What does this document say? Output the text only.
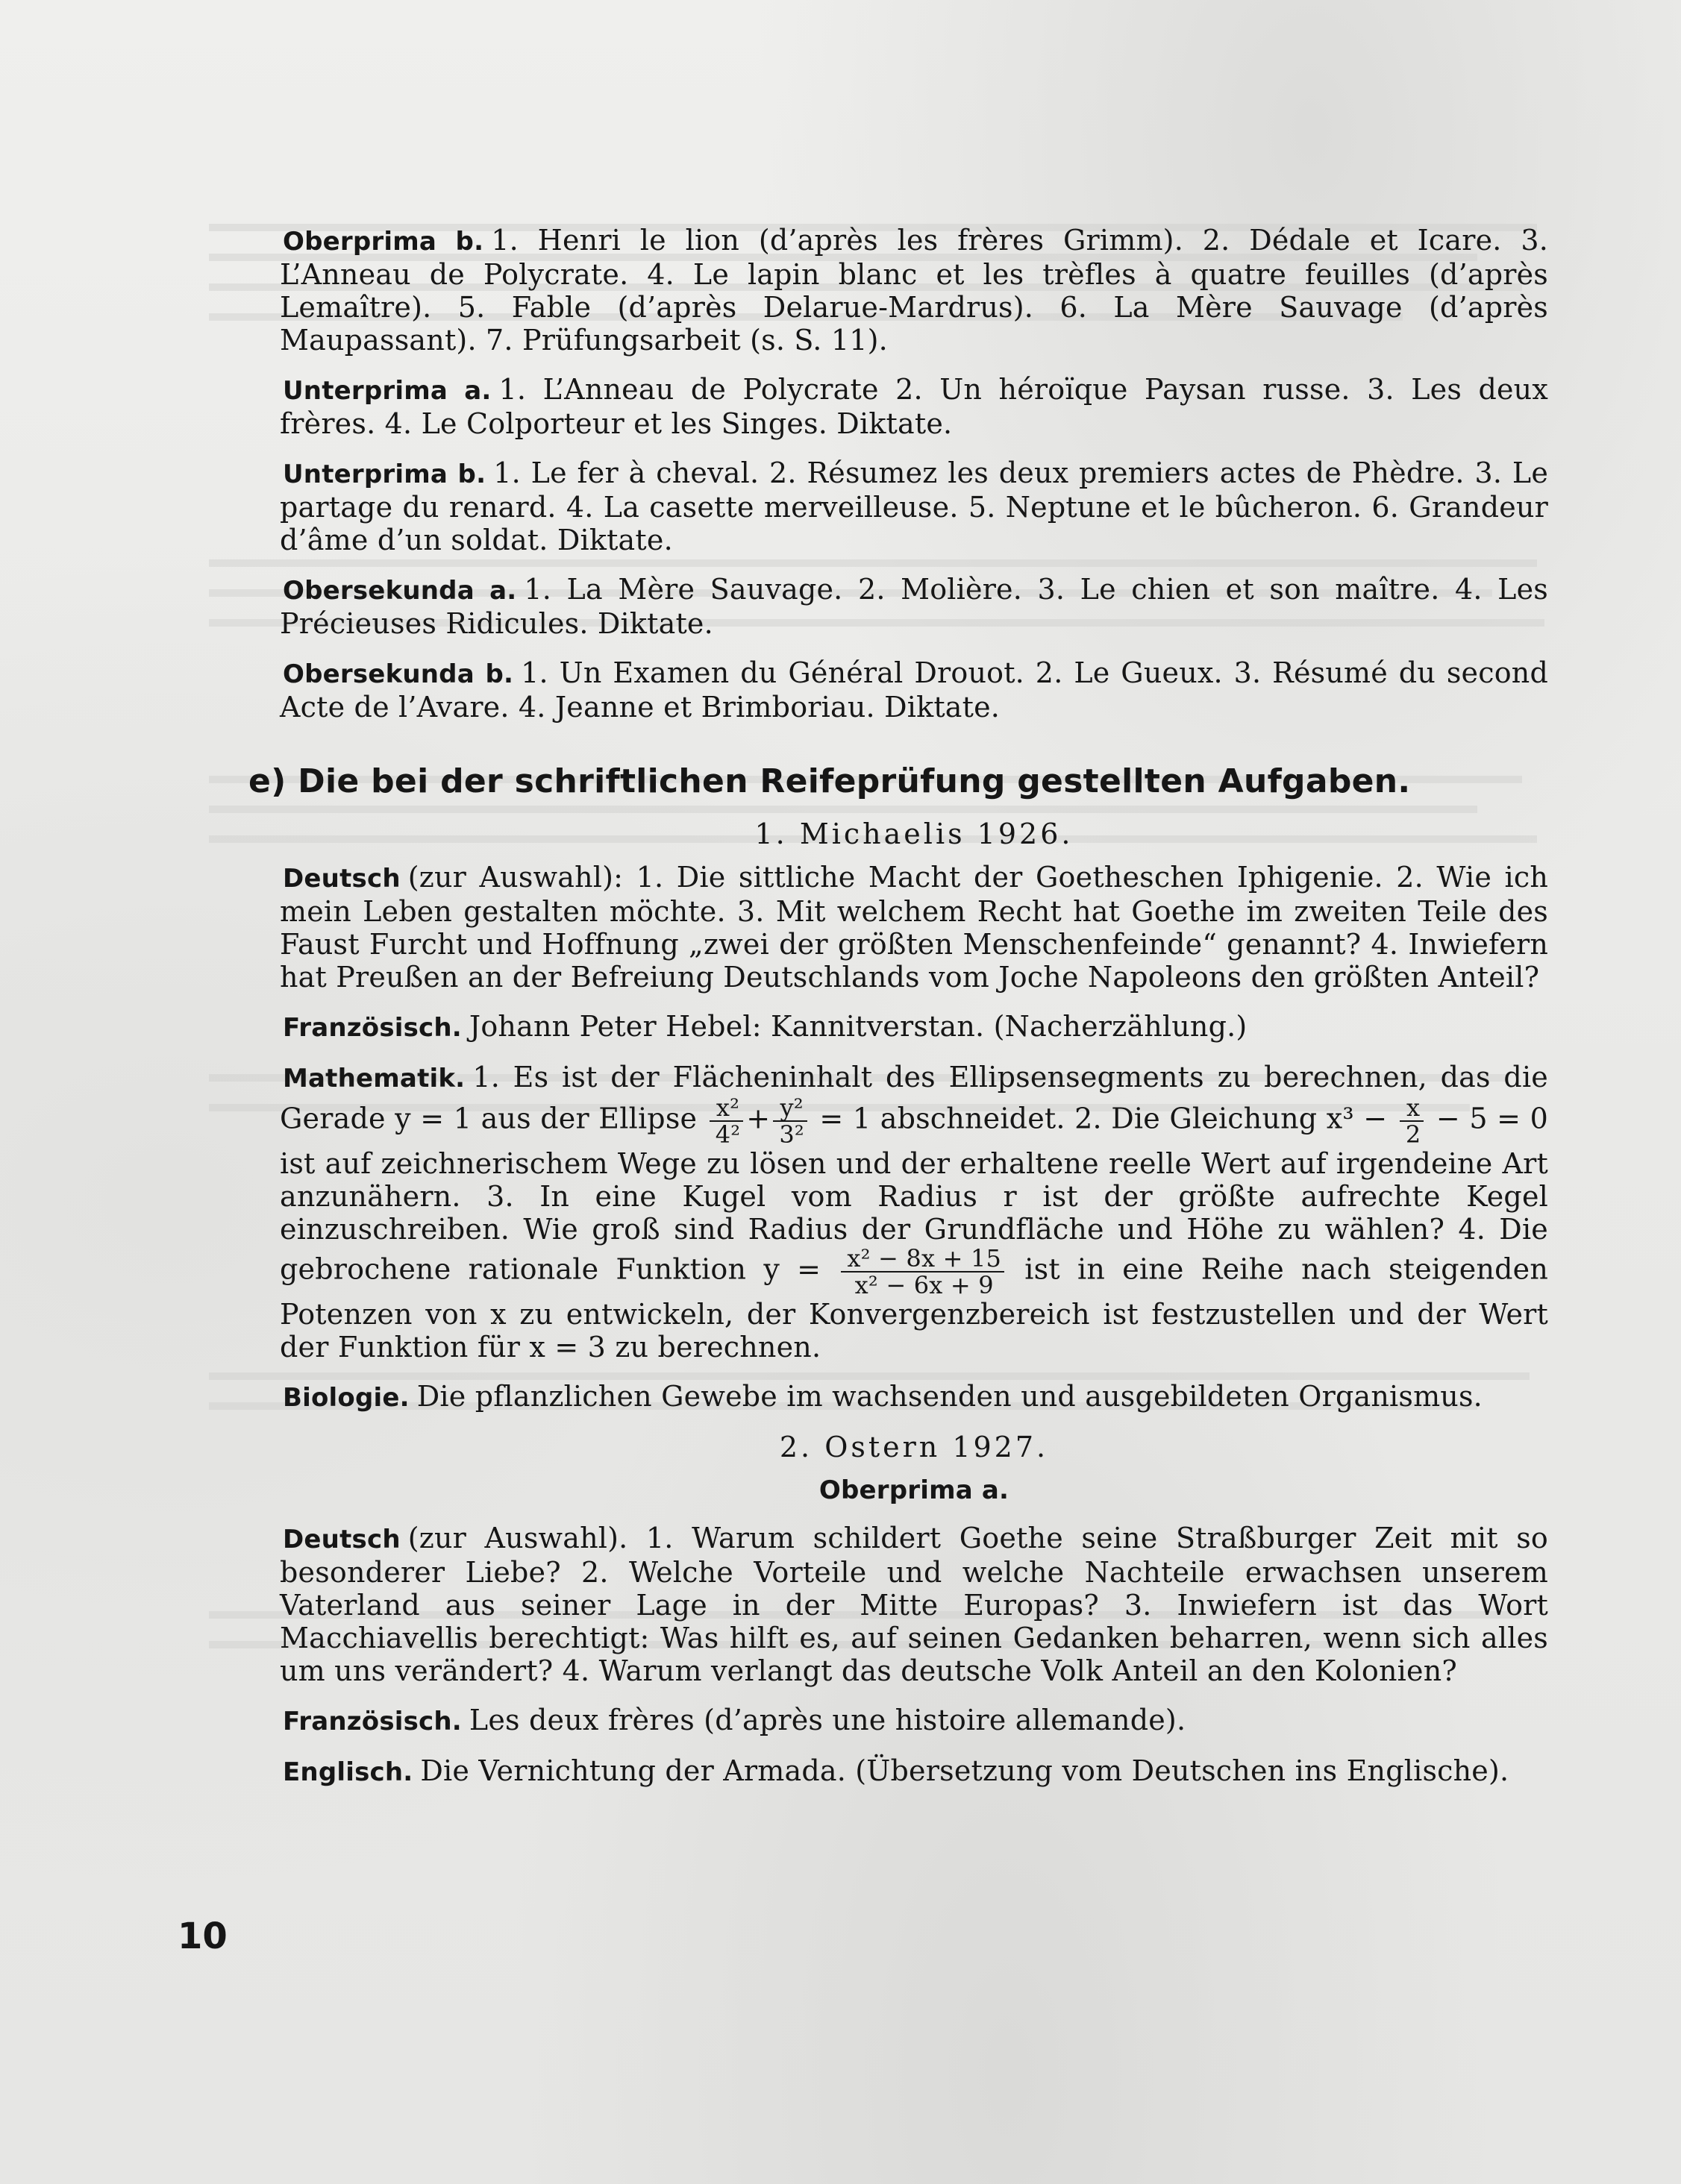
Oberprima b. 1. Henri le lion (d’après les frères Grimm). 2. Dédale et Icare. 3. L’Anneau de Polycrate. 4. Le lapin blanc et les trèfles à quatre feuilles (d’après Lemaître). 5. Fable (d’après Delarue-Mardrus). 6. La Mère Sauvage (d’après Maupassant). 7. Prüfungsarbeit (s. S. 11).

Unterprima a. 1. L’Anneau de Polycrate 2. Un héroïque Paysan russe. 3. Les deux frères. 4. Le Colporteur et les Singes. Diktate.

Unterprima b. 1. Le fer à cheval. 2. Résumez les deux premiers actes de Phèdre. 3. Le partage du renard. 4. La casette merveilleuse. 5. Neptune et le bûcheron. 6. Grandeur d’âme d’un soldat. Diktate.

Obersekunda a. 1. La Mère Sauvage. 2. Molière. 3. Le chien et son maître. 4. Les Précieuses Ridicules. Diktate.

Obersekunda b. 1. Un Examen du Général Drouot. 2. Le Gueux. 3. Résumé du second Acte de l’Avare. 4. Jeanne et Brimboriau. Diktate.

e) Die bei der schriftlichen Reifeprüfung gestellten Aufgaben.
1. Michaelis 1926.

Deutsch (zur Auswahl): 1. Die sittliche Macht der Goetheschen Iphigenie. 2. Wie ich mein Leben gestalten möchte. 3. Mit welchem Recht hat Goethe im zweiten Teile des Faust Furcht und Hoffnung „zwei der größten Menschenfeinde“ genannt? 4. Inwiefern hat Preußen an der Befreiung Deutschlands vom Joche Napoleons den größten Anteil?

Französisch. Johann Peter Hebel: Kannitverstan. (Nacherzählung.)

Mathematik. 1. Es ist der Flächeninhalt des Ellipsensegments zu berechnen, das die Gerade y = 1 aus der Ellipse $\frac{\text{x²}}{\text{4²}} + \frac{\text{y²}}{\text{3²}} = 1$ abschneidet. 2. Die Gleichung $x^3 - \frac{x}{2} - 5 = 0$ ist auf zeichnerischem Wege zu lösen und der erhaltene reelle Wert auf irgendeine Art anzunähern. 3. In eine Kugel vom Radius r ist der größte aufrechte Kegel einzuschreiben. Wie groß sind Radius der Grundfläche und Höhe zu wählen? 4. Die gebrochene rationale Funktion $y = \frac{\text{x² − 8x + 15}}{\text{x² − 6x + 9}}$ ist in eine Reihe nach steigenden Potenzen von x zu entwickeln, der Konvergenzbereich ist festzustellen und der Wert der Funktion für x = 3 zu berechnen.

Biologie. Die pflanzlichen Gewebe im wachsenden und ausgebildeten Organismus.

2. Ostern 1927.
Oberprima a.

Deutsch (zur Auswahl). 1. Warum schildert Goethe seine Straßburger Zeit mit so besonderer Liebe? 2. Welche Vorteile und welche Nachteile erwachsen unserem Vaterland aus seiner Lage in der Mitte Europas? 3. Inwiefern ist das Wort Macchiavellis berechtigt: Was hilft es, auf seinen Gedanken beharren, wenn sich alles um uns verändert? 4. Warum verlangt das deutsche Volk Anteil an den Kolonien?

Französisch. Les deux frères (d’après une histoire allemande).

Englisch. Die Vernichtung der Armada. (Übersetzung vom Deutschen ins Englische).

10
